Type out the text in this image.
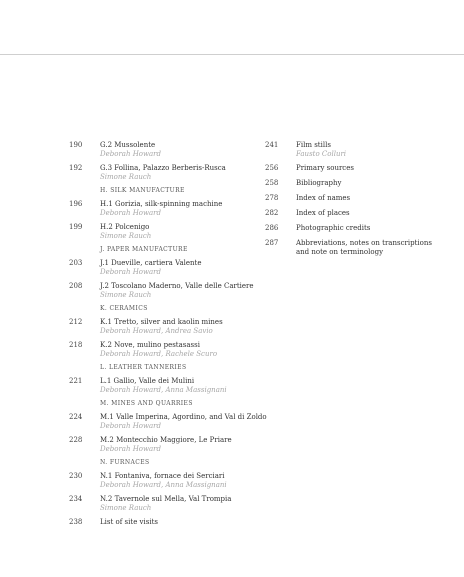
190	G.2 Mussolente
Deborah Howard
192	G.3 Follina, Palazzo Berberis-Rusca
Simone Rauch
H. SILK MANUFACTURE
196	H.1 Gorizia, silk-spinning machine
Deborah Howard
199	H.2 Polcenigo
Simone Rauch
J. PAPER MANUFACTURE
203	J.1 Dueville, cartiera Valente
Deborah Howard
208	J.2 Toscolano Maderno, Valle delle Cartiere
Simone Rauch
K. CERAMICS
212	K.1 Tretto, silver and kaolin mines
Deborah Howard, Andrea Savio
218	K.2 Nove, mulino pestasassi
Deborah Howard, Rachele Scuro
L. LEATHER TANNERIES
221	L.1 Gallio, Valle dei Mulini
Deborah Howard, Anna Massignani
M. MINES AND QUARRIES
224	M.1 Valle Imperina, Agordino, and Val di Zoldo
Deborah Howard
228	M.2 Montecchio Maggiore, Le Priare
Deborah Howard
N. FURNACES
230	N.1 Fontaniva, fornace dei Serciari
Deborah Howard, Anna Massignani
234	N.2 Tavernole sul Mella, Val Trompia
Simone Rauch
238	List of site visits
241	Film stills
Fausto Colluri
256	Primary sources
258	Bibliography
278	Index of names
282	Index of places
286	Photographic credits
287	Abbreviations, notes on transcriptions and note on terminology
